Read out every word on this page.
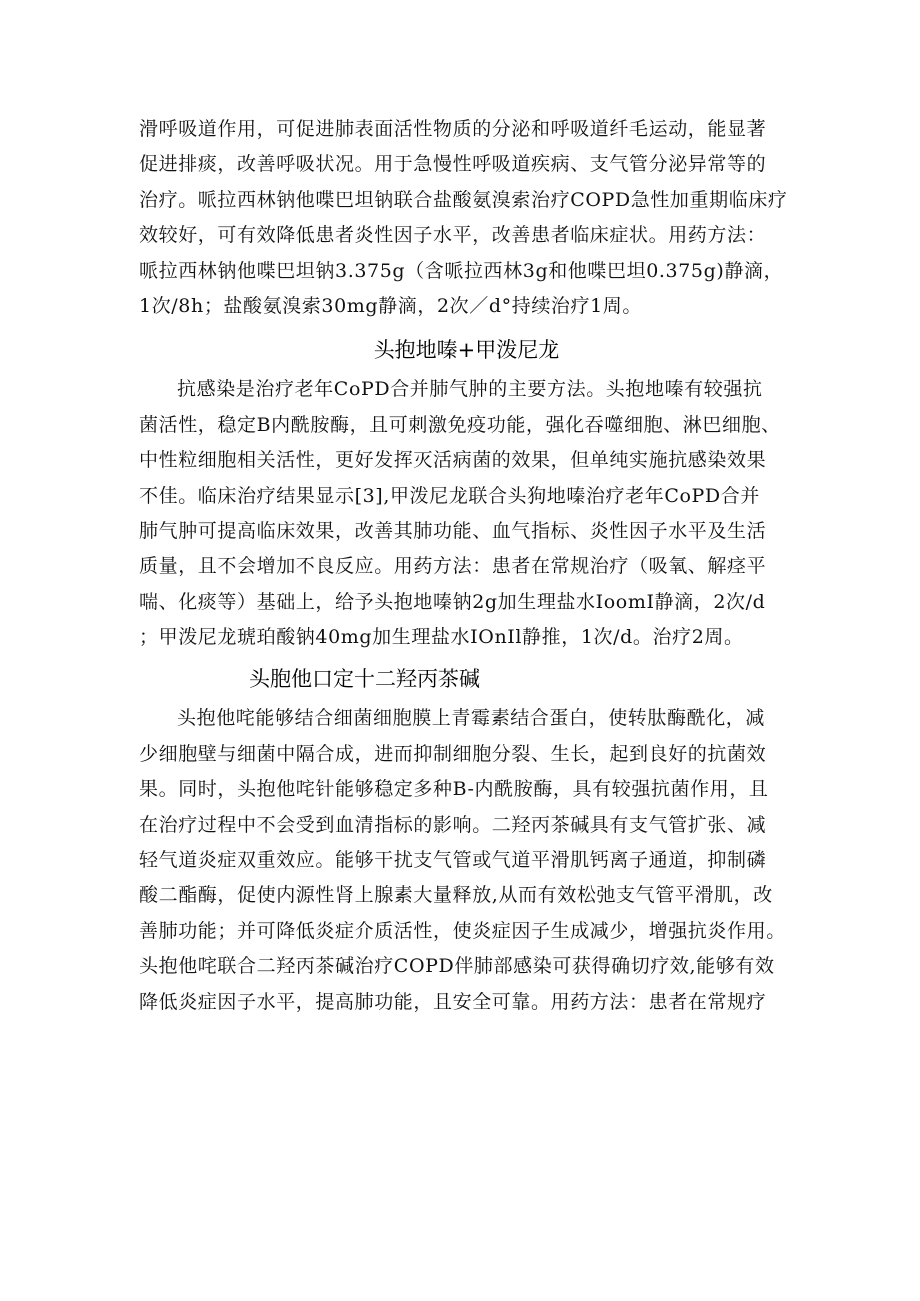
滑呼吸道作用，可促进肺表面活性物质的分泌和呼吸道纤毛运动，能显著
促进排痰，改善呼吸状况。用于急慢性呼吸道疾病、支气管分泌异常等的
治疗。哌拉西林钠他喋巴坦钠联合盐酸氨溴索治疗COPD急性加重期临床疗
效较好，可有效降低患者炎性因子水平，改善患者临床症状。用药方法：
哌拉西林钠他喋巴坦钠3.375g（含哌拉西林3g和他喋巴坦0.375g)静滴，
1次/8h；盐酸氨溴索30mg静滴，2次／d°持续治疗1周。
头抱地嗪+甲泼尼龙
抗感染是治疗老年CoPD合并肺气肿的主要方法。头抱地嗪有较强抗
菌活性，稳定B内酰胺酶，且可刺激免疫功能，强化吞噬细胞、淋巴细胞、
中性粒细胞相关活性，更好发挥灭活病菌的效果，但单纯实施抗感染效果
不佳。临床治疗结果显示[3],甲泼尼龙联合头狗地嗪治疗老年CoPD合并
肺气肿可提高临床效果，改善其肺功能、血气指标、炎性因子水平及生活
质量，且不会增加不良反应。用药方法：患者在常规治疗（吸氧、解痉平
喘、化痰等）基础上，给予头抱地嗪钠2g加生理盐水IoomI静滴，2次/d
；甲泼尼龙琥珀酸钠40mg加生理盐水IOnIl静推，1次/d。治疗2周。
头胞他口定十二羟丙茶碱
头抱他咤能够结合细菌细胞膜上青霉素结合蛋白，使转肽酶酰化，减
少细胞壁与细菌中隔合成，进而抑制细胞分裂、生长，起到良好的抗菌效
果。同时，头抱他咤针能够稳定多种B-内酰胺酶，具有较强抗菌作用，且
在治疗过程中不会受到血清指标的影响。二羟丙茶碱具有支气管扩张、减
轻气道炎症双重效应。能够干扰支气管或气道平滑肌钙离子通道，抑制磷
酸二酯酶，促使内源性肾上腺素大量释放,从而有效松弛支气管平滑肌，改
善肺功能；并可降低炎症介质活性，使炎症因子生成减少，增强抗炎作用。
头抱他咤联合二羟丙茶碱治疗COPD伴肺部感染可获得确切疗效,能够有效
降低炎症因子水平，提高肺功能，且安全可靠。用药方法：患者在常规疗
